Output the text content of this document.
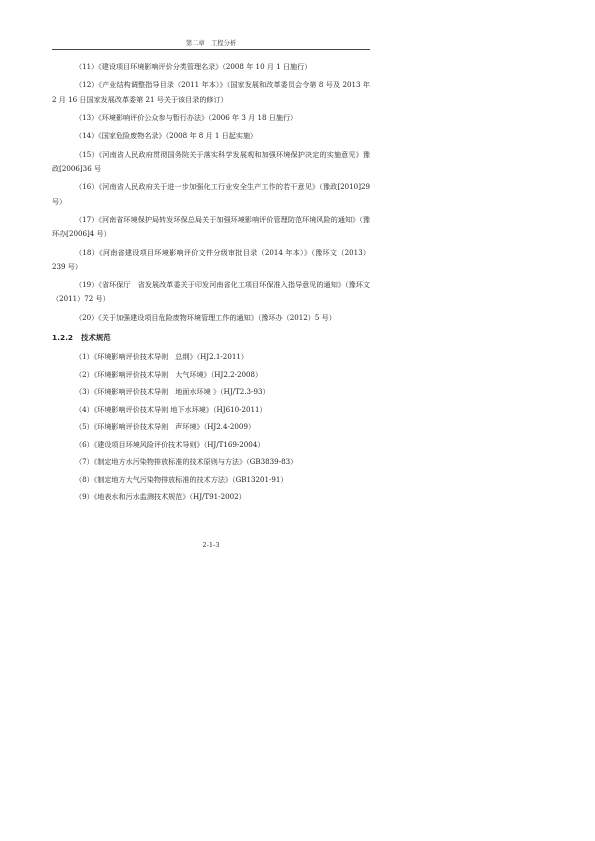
第二章　工程分析

（11）《建设项目环境影响评价分类管理名录》（2008 年 10 月 1 日施行）

（12）《产业结构调整指导目录（2011 年本）》（国家发展和改革委员会令第 8 号及 2013 年 2 月 16 日国家发展改革委第 21 号关于该目录的修订）

（13）《环境影响评价公众参与暂行办法》（2006 年 3 月 18 日施行）

（14）《国家危险废物名录》（2008 年 8 月 1 日起实施）

（15）《河南省人民政府贯彻国务院关于落实科学发展观和加强环境保护决定的实施意见》豫政[2006]36 号

（16）《河南省人民政府关于进一步加强化工行业安全生产工作的若干意见》（豫政[2010]29 号）

（17）《河南省环境保护局转发环保总局关于加强环境影响评价管理防范环境风险的通知》（豫环办[2006]4 号）

（18）《河南省建设项目环境影响评价文件分级审批目录（2014 年本）》（豫环文（2013）239 号）

（19）《省环保厅　省发展改革委关于印发河南省化工项目环保准入指导意见的通知》（豫环文（2011）72 号）

（20）《关于加强建设项目危险废物环境管理工作的通知》（豫环办（2012）5 号）

1.2.2 技术规范

（1）《环境影响评价技术导则　总纲》（HJ2.1-2011）

（2）《环境影响评价技术导则　大气环境》（HJ2.2-2008）

（3）《环境影响评价技术导则　地面水环境 》（HJ/T2.3-93）

（4）《环境影响评价技术导则 地下水环境》（HJ610-2011）

（5）《环境影响评价技术导则　声环境》（HJ2.4-2009）

（6）《建设项目环境风险评价技术导则》（HJ/T169-2004）

（7）《制定地方水污染物排放标准的技术原则与方法》（GB3839-83）

（8）《制定地方大气污染物排放标准的技术方法》（GB13201-91）

（9）《地表水和污水监测技术规范》（HJ/T91-2002）

2-1-3
